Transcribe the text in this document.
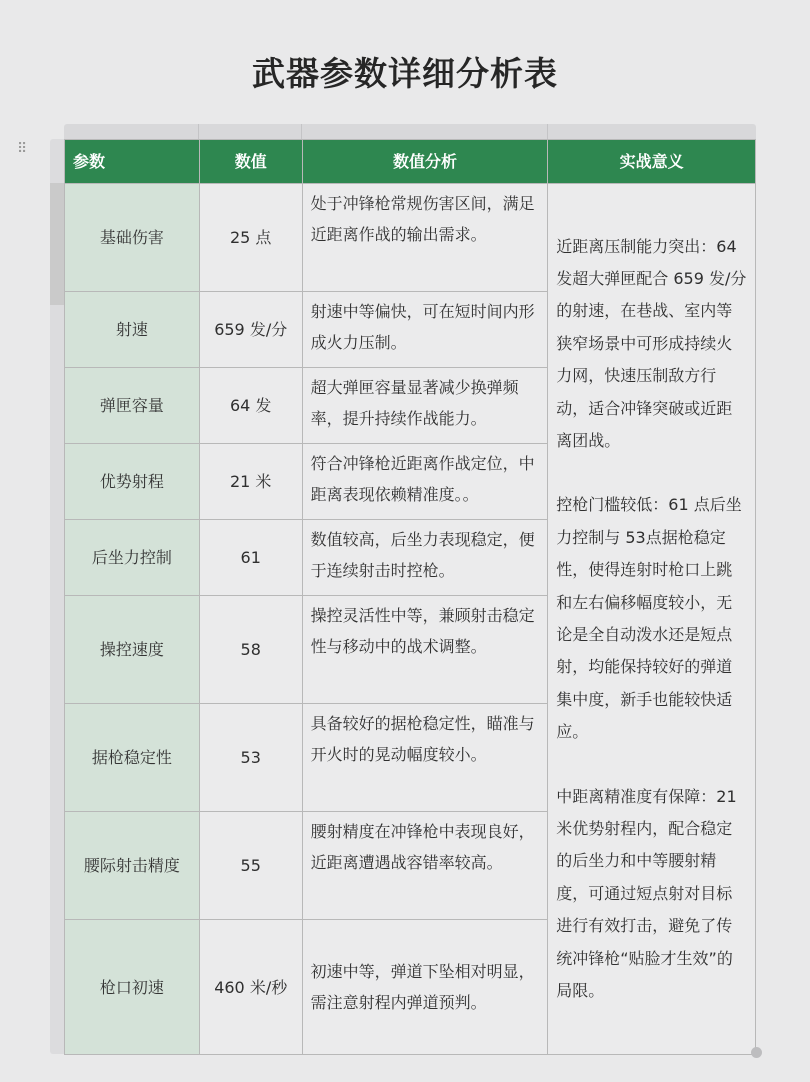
武器参数详细分析表
⠿
参数	数值	数值分析	实战意义
基础伤害	25 点	处于冲锋枪常规伤害区间，满足近距离作战的输出需求。	近距离压制能力突出：64 发超大弹匣配合 659 发/分的射速，在巷战、室内等狭窄场景中可形成持续火力网，快速压制敌方行动，适合冲锋突破或近距离团战。

控枪门槛较低：61 点后坐力控制与 53点据枪稳定性，使得连射时枪口上跳和左右偏移幅度较小，无论是全自动泼水还是短点射，均能保持较好的弹道集中度，新手也能较快适应。

中距离精准度有保障：21 米优势射程内，配合稳定的后坐力和中等腰射精度，可通过短点射对目标进行有效打击，避免了传统冲锋枪“贴脸才生效”的局限。

射速	659 发/分	射速中等偏快，可在短时间内形成火力压制。	
弹匣容量	64 发	超大弹匣容量显著减少换弹频率，提升持续作战能力。	
优势射程	21 米	符合冲锋枪近距离作战定位，中距离表现依赖精准度。。	
后坐力控制	61	数值较高，后坐力表现稳定，便于连续射击时控枪。	
操控速度	58	操控灵活性中等，兼顾射击稳定性与移动中的战术调整。	
据枪稳定性	53	具备较好的据枪稳定性，瞄准与开火时的晃动幅度较小。	
腰际射击精度	55	腰射精度在冲锋枪中表现良好，近距离遭遇战容错率较高。	
枪口初速	460 米/秒	初速中等，弹道下坠相对明显，需注意射程内弹道预判。	
